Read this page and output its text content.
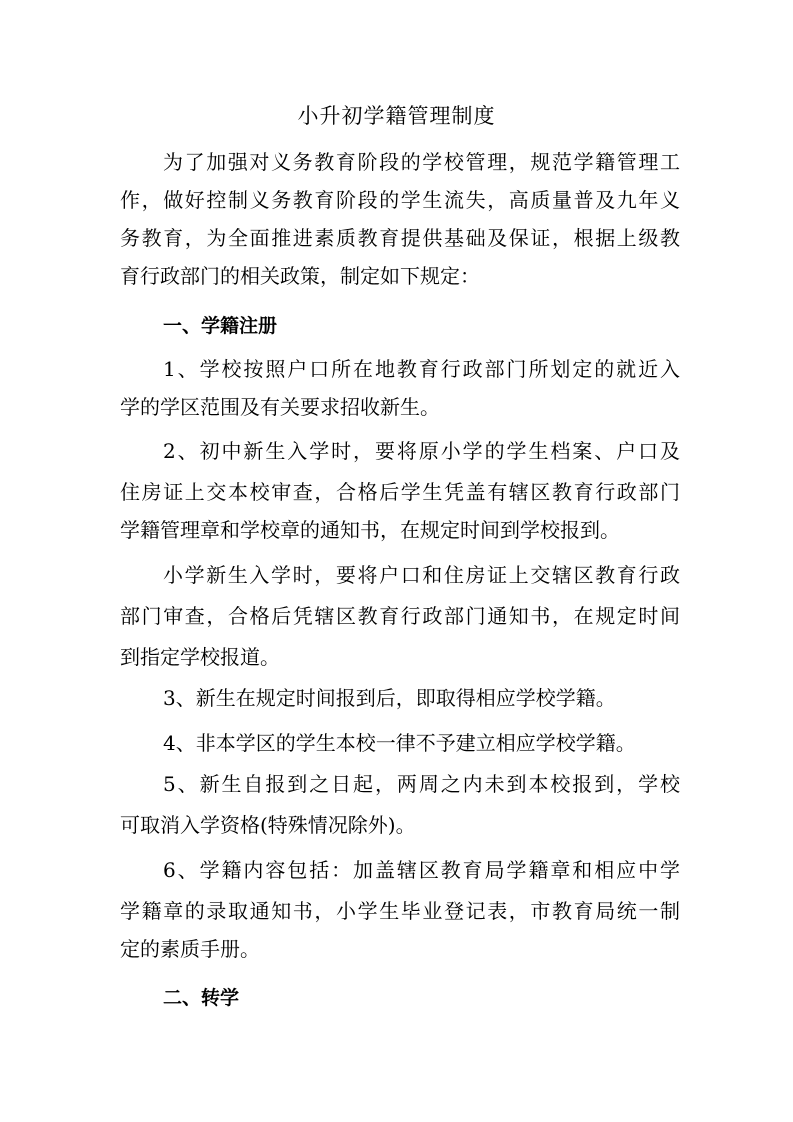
小升初学籍管理制度
为了加强对义务教育阶段的学校管理，规范学籍管理工
作，做好控制义务教育阶段的学生流失，高质量普及九年义
务教育，为全面推进素质教育提供基础及保证，根据上级教
育行政部门的相关政策，制定如下规定：
一、学籍注册
1、学校按照户口所在地教育行政部门所划定的就近入
学的学区范围及有关要求招收新生。
2、初中新生入学时，要将原小学的学生档案、户口及
住房证上交本校审查，合格后学生凭盖有辖区教育行政部门
学籍管理章和学校章的通知书，在规定时间到学校报到。
小学新生入学时，要将户口和住房证上交辖区教育行政
部门审查，合格后凭辖区教育行政部门通知书，在规定时间
到指定学校报道。
3、新生在规定时间报到后，即取得相应学校学籍。
4、非本学区的学生本校一律不予建立相应学校学籍。
5、新生自报到之日起，两周之内未到本校报到，学校
可取消入学资格(特殊情况除外)。
6、学籍内容包括：加盖辖区教育局学籍章和相应中学
学籍章的录取通知书，小学生毕业登记表，市教育局统一制
定的素质手册。
二、转学
